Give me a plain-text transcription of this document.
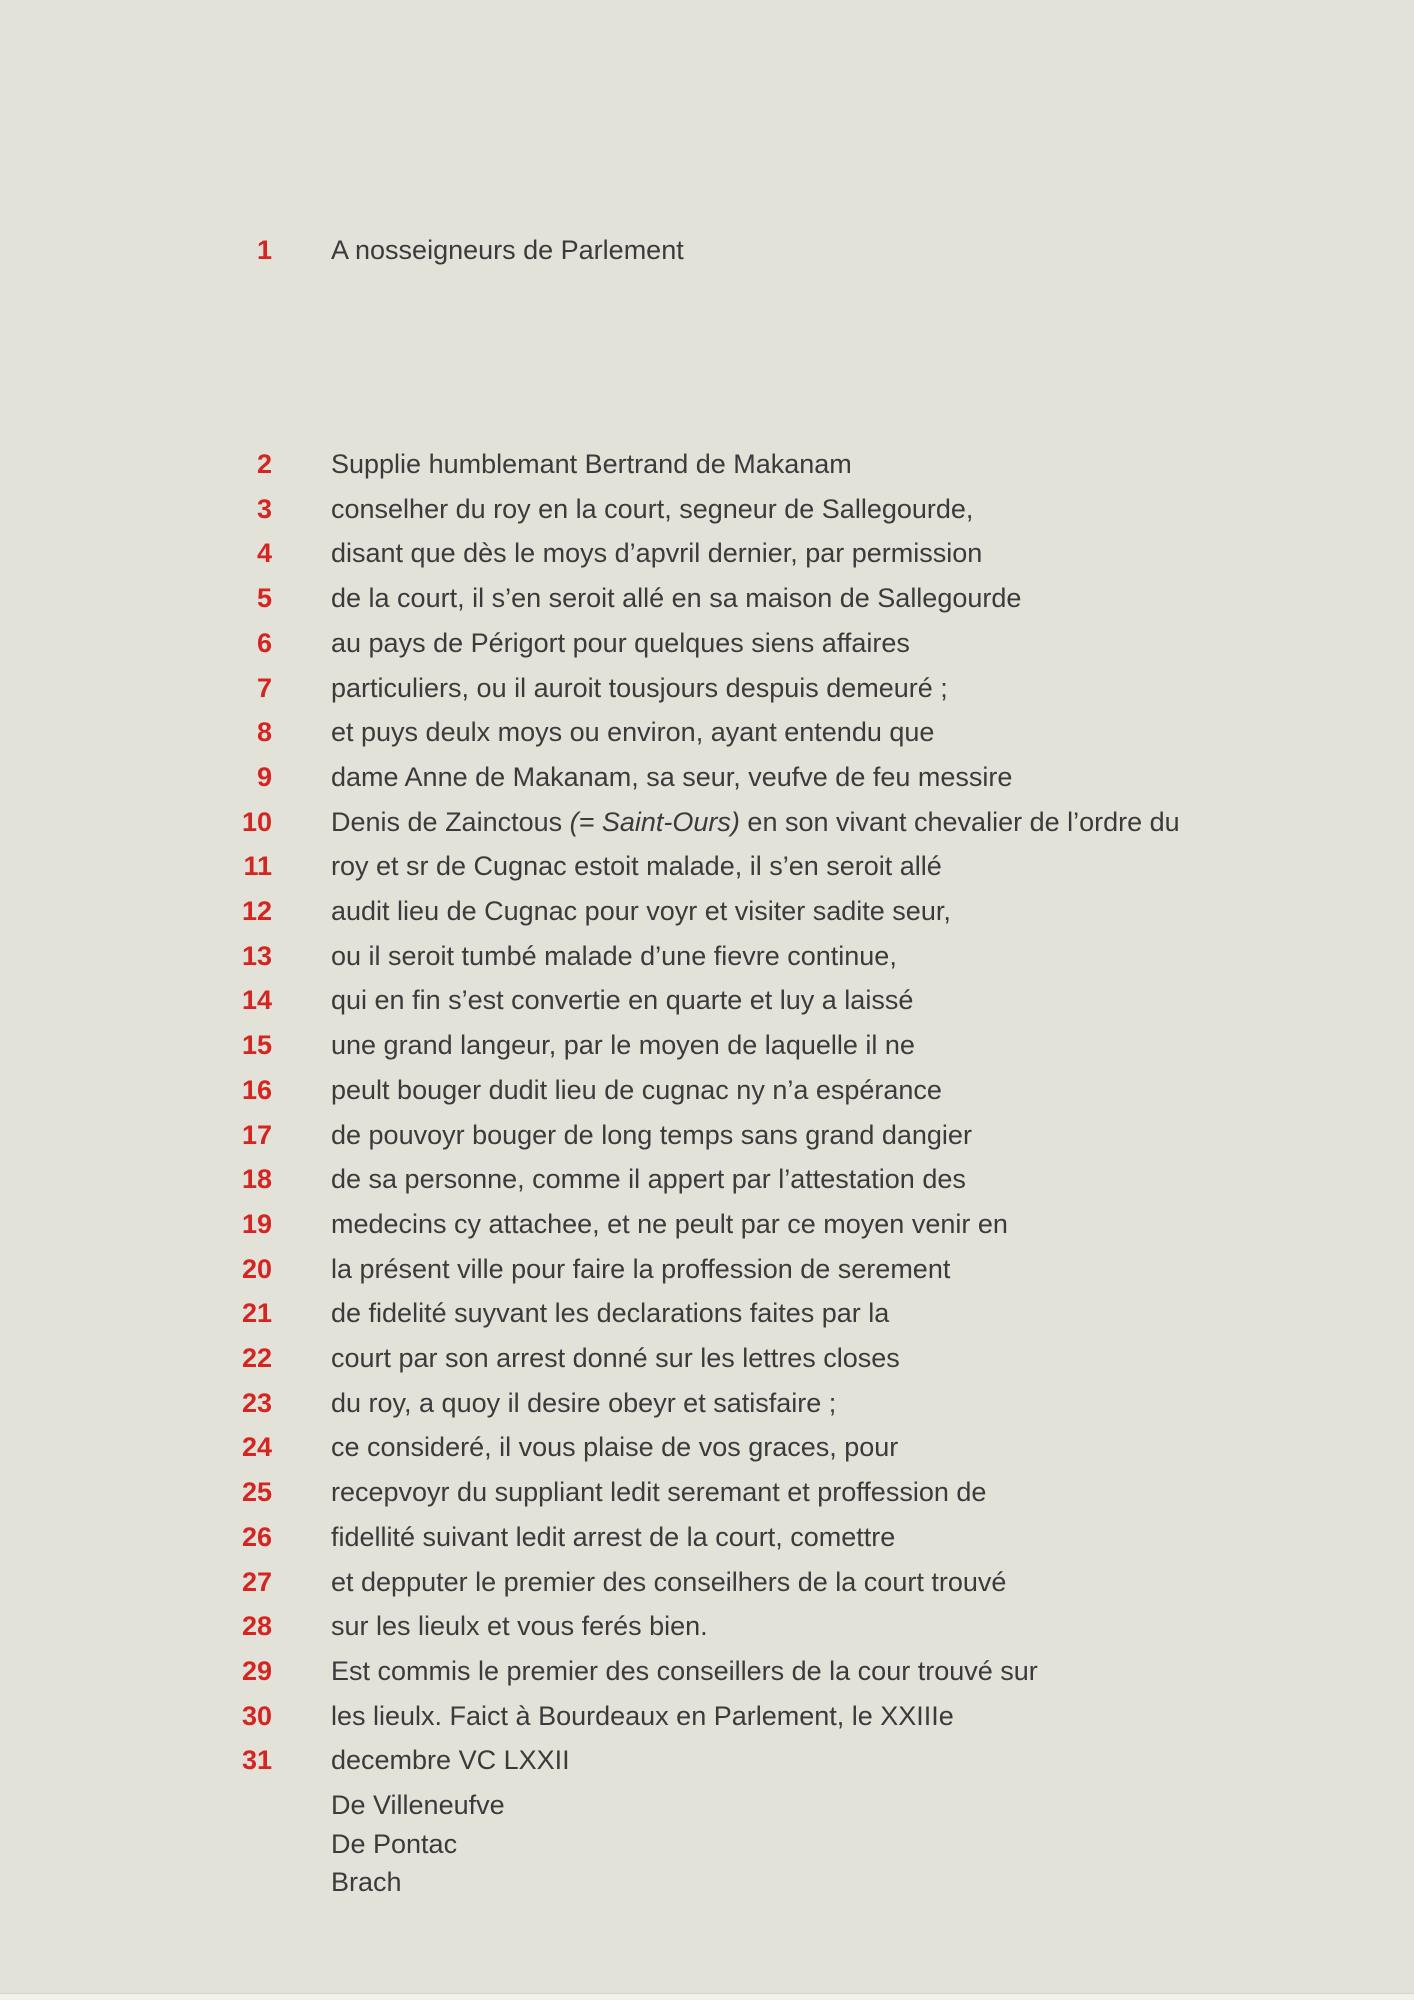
1 A nosseigneurs de Parlement
2 Supplie humblemant Bertrand de Makanam
3 conselher du roy en la court, segneur de Sallegourde,
4 disant que dès le moys d’apvril dernier, par permission
5 de la court, il s’en seroit allé en sa maison de Sallegourde
6 au pays de Périgort pour quelques siens affaires
7 particuliers, ou il auroit tousjours despuis demeuré ;
8 et puys deulx moys ou environ, ayant entendu que
9 dame Anne de Makanam, sa seur, veufve de feu messire
10 Denis de Zainctous (= Saint-Ours) en son vivant chevalier de l’ordre du
11 roy et sr de Cugnac estoit malade, il s’en seroit allé
12 audit lieu de Cugnac pour voyr et visiter sadite seur,
13 ou il seroit tumbé malade d’une fievre continue,
14 qui en fin s’est convertie en quarte et luy a laissé
15 une grand langeur, par le moyen de laquelle il ne
16 peult bouger dudit lieu de cugnac ny n’a espérance
17 de pouvoyr bouger de long temps sans grand dangier
18 de sa personne, comme il appert par l’attestation des
19 medecins cy attachee, et ne peult par ce moyen venir en
20 la présent ville pour faire la proffession de serement
21 de fidelité suyvant les declarations faites par la
22 court par son arrest donné sur les lettres closes
23 du roy, a quoy il desire obeyr et satisfaire ;
24 ce consideré, il vous plaise de vos graces, pour
25 recepvoyr du suppliant ledit seremant et proffession de
26 fidellité suivant ledit arrest de la court, comettre
27 et depputer le premier des conseilhers de la court trouvé
28 sur les lieulx et vous ferés bien.
29 Est commis le premier des conseillers de la cour trouvé sur
30 les lieulx. Faict à Bourdeaux en Parlement, le XXIIIe
31 decembre VC LXXII
De Villeneufve
De Pontac
Brach
